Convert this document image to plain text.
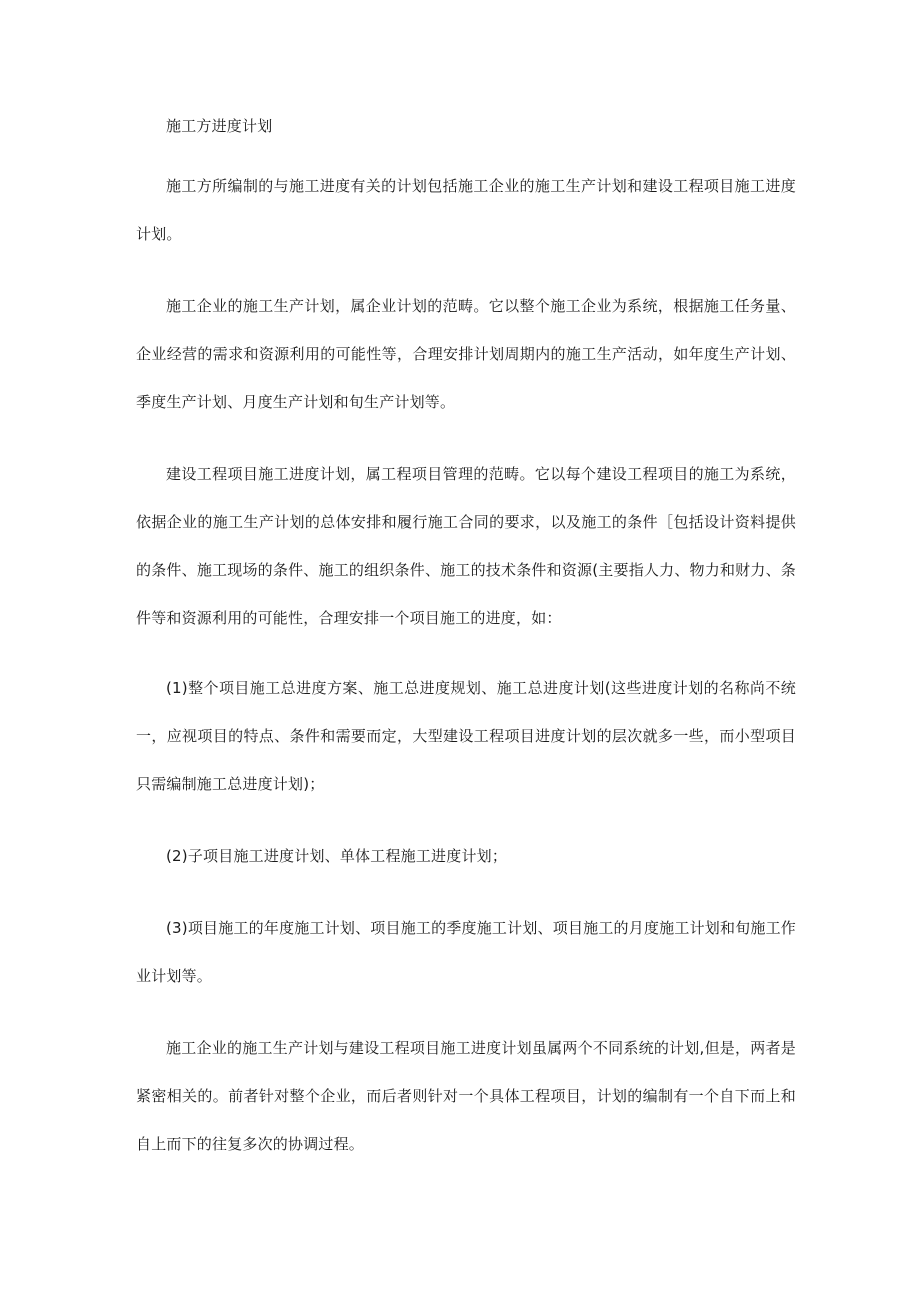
施工方进度计划

施工方所编制的与施工进度有关的计划包括施工企业的施工生产计划和建设工程项目施工进度计划。

施工企业的施工生产计划，属企业计划的范畴。它以整个施工企业为系统，根据施工任务量、企业经营的需求和资源利用的可能性等，合理安排计划周期内的施工生产活动，如年度生产计划、季度生产计划、月度生产计划和旬生产计划等。

建设工程项目施工进度计划，属工程项目管理的范畴。它以每个建设工程项目的施工为系统，依据企业的施工生产计划的总体安排和履行施工合同的要求，以及施工的条件［包括设计资料提供的条件、施工现场的条件、施工的组织条件、施工的技术条件和资源(主要指人力、物力和财力、条件等和资源利用的可能性，合理安排一个项目施工的进度，如：

(1)整个项目施工总进度方案、施工总进度规划、施工总进度计划(这些进度计划的名称尚不统一，应视项目的特点、条件和需要而定，大型建设工程项目进度计划的层次就多一些，而小型项目只需编制施工总进度计划)；

(2)子项目施工进度计划、单体工程施工进度计划；

(3)项目施工的年度施工计划、项目施工的季度施工计划、项目施工的月度施工计划和旬施工作业计划等。

施工企业的施工生产计划与建设工程项目施工进度计划虽属两个不同系统的计划,但是，两者是紧密相关的。前者针对整个企业，而后者则针对一个具体工程项目，计划的编制有一个自下而上和自上而下的往复多次的协调过程。
